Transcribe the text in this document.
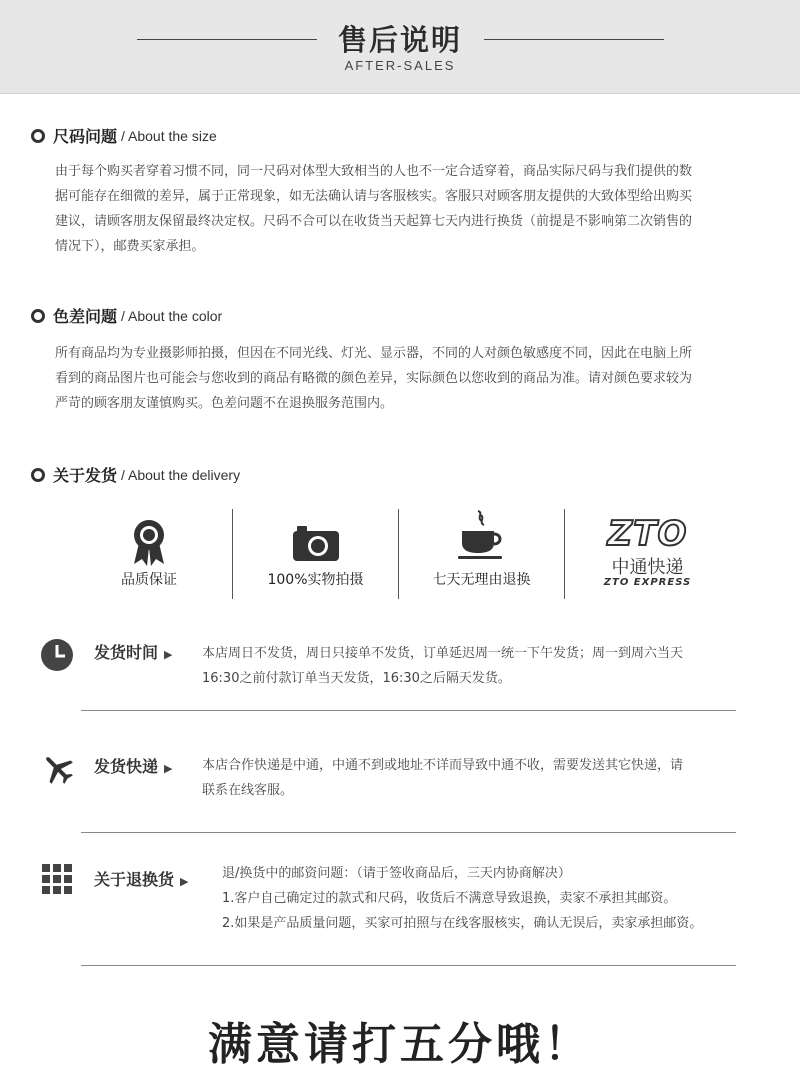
售后说明
AFTER-SALES
尺码问题 / About the size
由于每个购买者穿着习惯不同，同一尺码对体型大致相当的人也不一定合适穿着，商品实际尺码与我们提供的数
据可能存在细微的差异，属于正常现象，如无法确认请与客服核实。客服只对顾客朋友提供的大致体型给出购买
建议，请顾客朋友保留最终决定权。尺码不合可以在收货当天起算七天内进行换货（前提是不影响第二次销售的
情况下），邮费买家承担。
色差问题 / About the color
所有商品均为专业摄影师拍摄，但因在不同光线、灯光、显示器，不同的人对颜色敏感度不同，因此在电脑上所
看到的商品图片也可能会与您收到的商品有略微的颜色差异，实际颜色以您收到的商品为准。请对颜色要求较为
严苛的顾客朋友谨慎购买。色差问题不在退换服务范围内。
关于发货 / About the delivery
品质保证	100%实物拍摄	七天无理由退换
ZTO
中通快递
ZTO EXPRESS
发货时间 ▶ 本店周日不发货，周日只接单不发货，订单延迟周一统一下午发货；周一到周六当天
16:30之前付款订单当天发货，16:30之后隔天发货。
发货快递 ▶ 本店合作快递是中通，中通不到或地址不详而导致中通不收，需要发送其它快递，请
联系在线客服。
关于退换货 ▶
退/换货中的邮资问题：（请于签收商品后，三天内协商解决）
1.客户自己确定过的款式和尺码，收货后不满意导致退换，卖家不承担其邮资。
2.如果是产品质量问题，买家可拍照与在线客服核实，确认无误后，卖家承担邮资。
满意请打五分哦！
